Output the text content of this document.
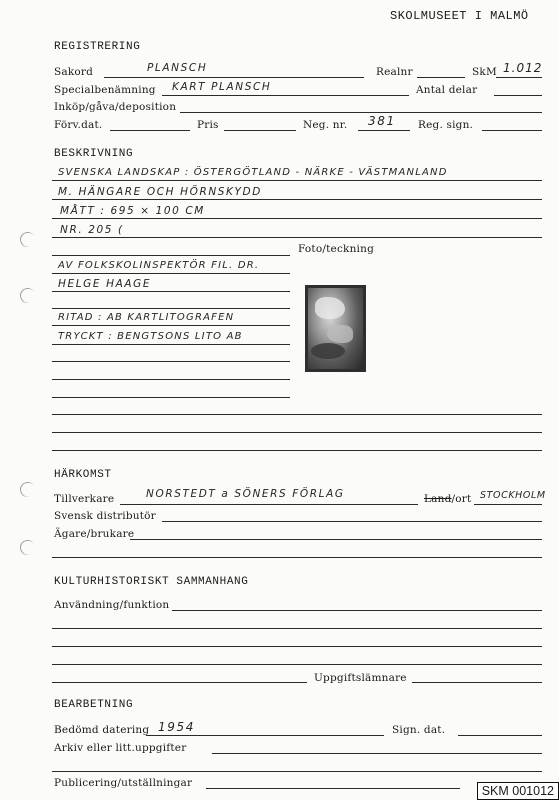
SKOLMUSEET I MALMÖ
REGISTRERING
Sakord	PLANSCH	Realnr	SkM 1.012
Specialbenämning KART PLANSCH	Antal delar
Inköp/gåva/deposition
Förv.dat.	Pris	Neg. nr. 381 Reg. sign.
BESKRIVNING
SVENSKA LANDSKAP : ÖSTERGÖTLAND - NÄRKE - VÄSTMANLAND
M. HÄNGARE OCH HÖRNSKYDD
MÅTT : 695 × 100 CM
NR. 205 (
Foto/teckning
AV FOLKSKOLINSPEKTÖR FIL. DR.
HELGE HAAGE
RITAD : AB KARTLITOGRAFEN
TRYCKT : BENGTSONS LITO AB
HÄRKOMST
Tillverkare	NORSTEDT a SÖNERS FÖRLAG	Land/ort STOCKHOLM
Svensk distributör
Ägare/brukare
KULTURHISTORISKT SAMMANHANG
Användning/funktion
Uppgiftslämnare
BEARBETNING
Bedömd datering 1954	Sign. dat.
Arkiv eller litt.uppgifter
Publicering/utställningar
SKM 001012
